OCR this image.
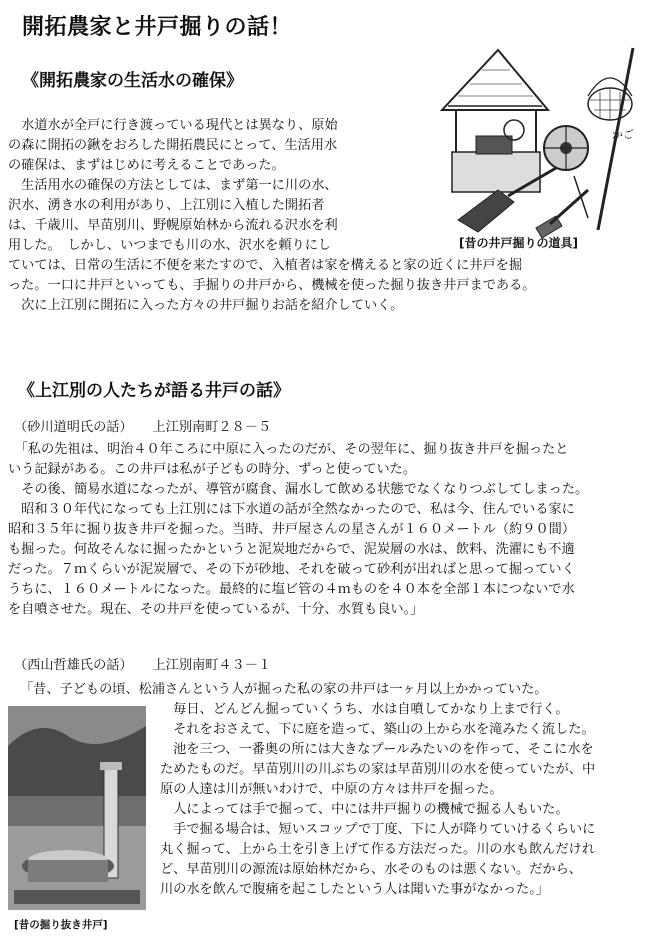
開拓農家と井戸掘りの話！
《開拓農家の生活水の確保》
かご
[昔の井戸掘りの道具]
　水道水が全戸に行き渡っている現代とは異なり、原始
の森に開拓の鍬をおろした開拓農民にとって、生活用水
の確保は、まずはじめに考えることであった。
　生活用水の確保の方法としては、まず第一に川の水、
沢水、湧き水の利用があり、上江別に入植した開拓者
は、千歳川、早苗別川、野幌原始林から流れる沢水を利
用した。　しかし、いつまでも川の水、沢水を頼りにし
ていては、日常の生活に不便を来たすので、入植者は家を構えると家の近くに井戸を掘
った。一口に井戸といっても、手掘りの井戸から、機械を使った掘り抜き井戸まである。
　次に上江別に開拓に入った方々の井戸掘りお話を紹介していく。
《上江別の人たちが語る井戸の話》
（砂川道明氏の話）　　上江別南町２８－５
　「私の先祖は、明治４０年ころに中原に入ったのだが、その翌年に、掘り抜き井戸を掘ったと
いう記録がある。この井戸は私が子どもの時分、ずっと使っていた。
　その後、簡易水道になったが、導管が腐食、漏水して飲める状態でなくなりつぶしてしまった。
　昭和３０年代になっても上江別には下水道の話が全然なかったので、私は今、住んでいる家に
昭和３５年に掘り抜き井戸を掘った。当時、井戸屋さんの星さんが１６０メートル（約９０間）
も掘った。何故そんなに掘ったかというと泥炭地だからで、泥炭層の水は、飲料、洗濯にも不適
だった。７ｍくらいが泥炭層で、その下が砂地、それを破って砂利が出ればと思って掘っていく
うちに、１６０メートルになった。最終的に塩ビ管の４ｍものを４０本を全部１本につないで水
を自噴させた。現在、その井戸を使っているが、十分、水質も良い。」
（西山哲雄氏の話）　　上江別南町４３－１
「昔、子どもの頃、松浦さんという人が掘った私の家の井戸は一ヶ月以上かかっていた。
[昔の掘り抜き井戸]
　毎日、どんどん掘っていくうち、水は自噴してかなり上まで行く。
　それをおさえて、下に庭を造って、築山の上から水を滝みたく流した。
　池を三つ、一番奥の所には大きなプールみたいのを作って、そこに水を
ためたものだ。早苗別川の川ぶちの家は早苗別川の水を使っていたが、中
原の人達は川が無いわけで、中原の方々は井戸を掘った。
　人によっては手で掘って、中には井戸掘りの機械で掘る人もいた。
　手で掘る場合は、短いスコップで丁度、下に人が降りていけるくらいに
丸く掘って、上から土を引き上げて作る方法だった。川の水も飲んだけれ
ど、早苗別川の源流は原始林だから、水そのものは悪くない。だから、
川の水を飲んで腹痛を起こしたという人は聞いた事がなかった。」
